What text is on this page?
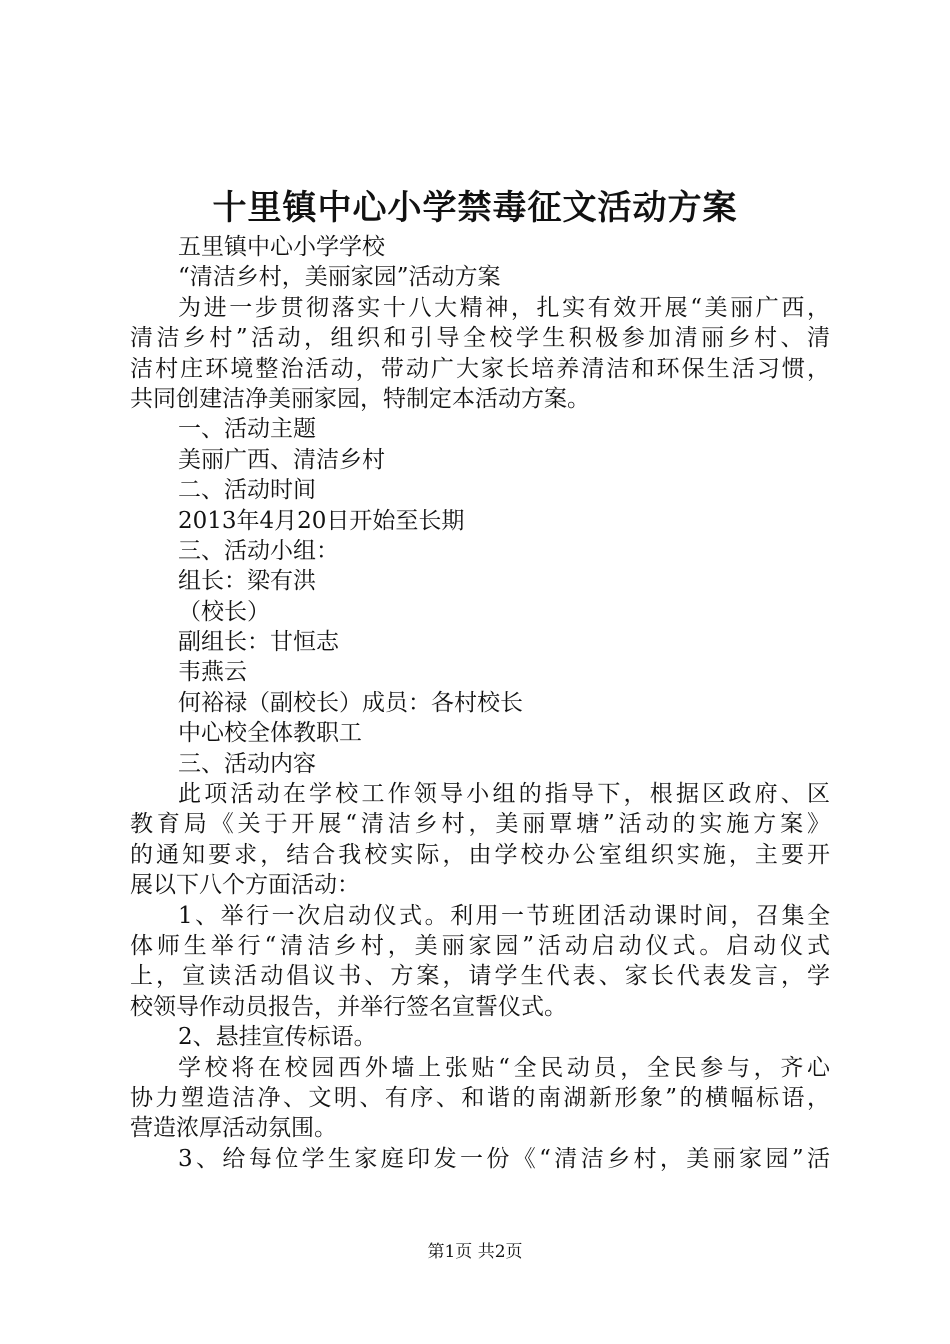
十里镇中心小学禁毒征文活动方案
五里镇中心小学学校
“清洁乡村，美丽家园”活动方案
为进一步贯彻落实十八大精神，扎实有效开展“美丽广西，
清洁乡村”活动，组织和引导全校学生积极参加清丽乡村、清
洁村庄环境整治活动，带动广大家长培养清洁和环保生活习惯，
共同创建洁净美丽家园，特制定本活动方案。
一、活动主题
美丽广西、清洁乡村
二、活动时间
2013年4月20日开始至长期
三、活动小组：
组长：梁有洪
（校长）
副组长：甘恒志
韦燕云
何裕禄（副校长）成员：各村校长
中心校全体教职工
三、活动内容
此项活动在学校工作领导小组的指导下，根据区政府、区
教育局《关于开展“清洁乡村，美丽覃塘”活动的实施方案》
的通知要求，结合我校实际，由学校办公室组织实施，主要开
展以下八个方面活动：
1、举行一次启动仪式。利用一节班团活动课时间，召集全
体师生举行“清洁乡村，美丽家园”活动启动仪式。启动仪式
上，宣读活动倡议书、方案，请学生代表、家长代表发言，学
校领导作动员报告，并举行签名宣誓仪式。
2、悬挂宣传标语。
学校将在校园西外墙上张贴“全民动员，全民参与，齐心
协力塑造洁净、文明、有序、和谐的南湖新形象”的横幅标语，
营造浓厚活动氛围。
3、给每位学生家庭印发一份《“清洁乡村，美丽家园”活
第1页 共2页
